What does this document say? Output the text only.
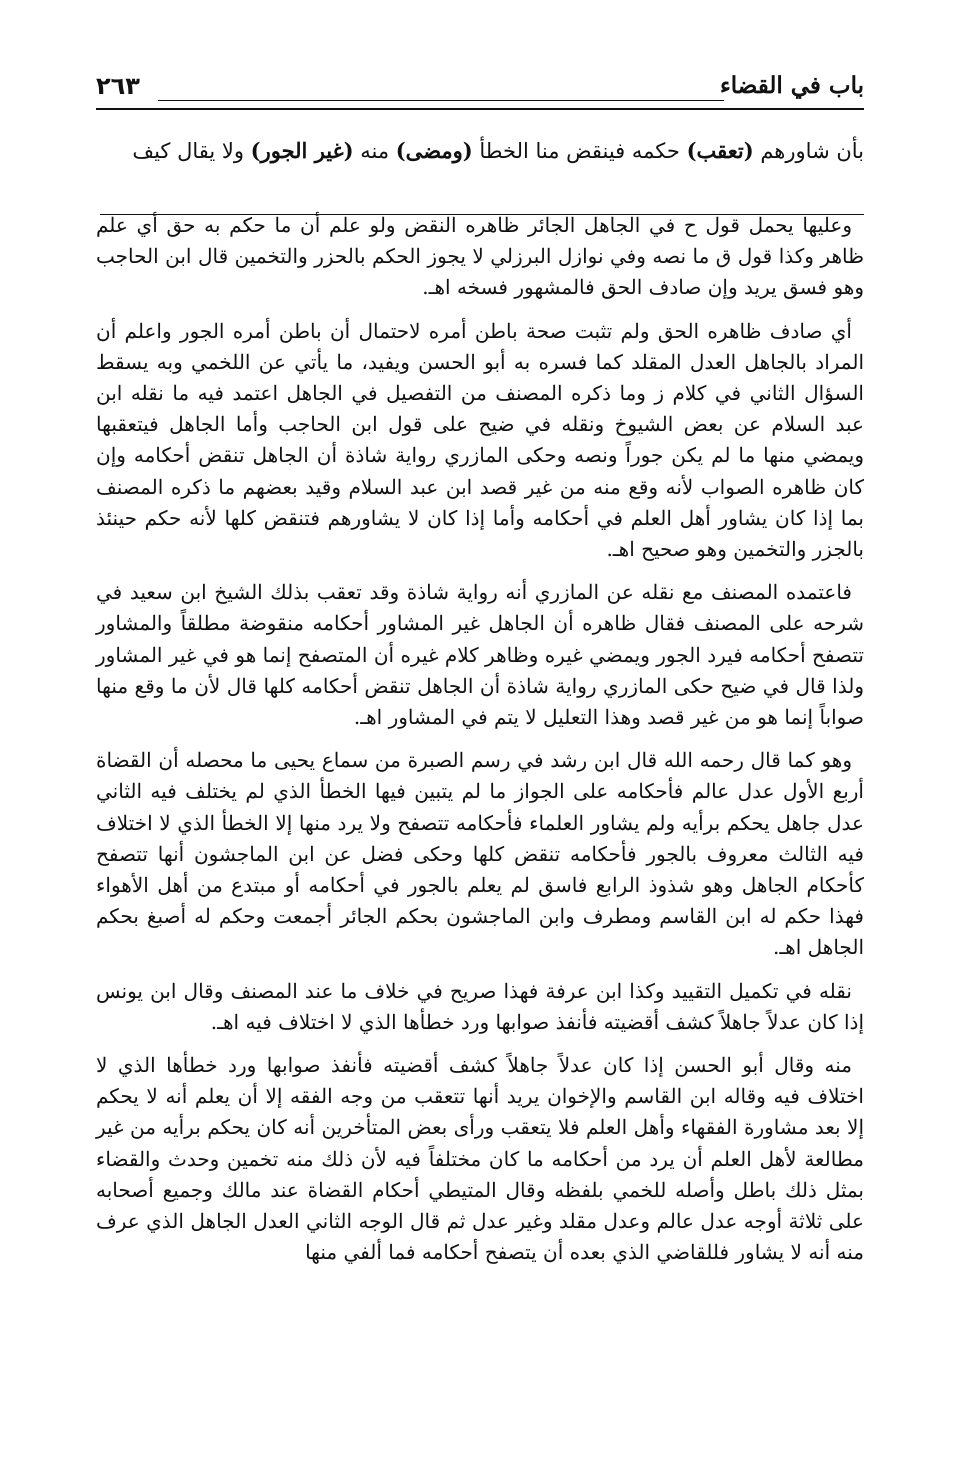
باب في القضاء
٢٦٣
بأن شاورهم (تعقب) حكمه فينقض منا الخطأ (ومضى) منه (غير الجور) ولا يقال كيف

وعليها يحمل قول ح في الجاهل الجائر ظاهره النقض ولو علم أن ما حكم به حق أي علم ظاهر وكذا قول ق ما نصه وفي نوازل البرزلي لا يجوز الحكم بالحزر والتخمين قال ابن الحاجب وهو فسق يريد وإن صادف الحق فالمشهور فسخه اهـ.

أي صادف ظاهره الحق ولم تثبت صحة باطن أمره لاحتمال أن باطن أمره الجور واعلم أن المراد بالجاهل العدل المقلد كما فسره به أبو الحسن ويفيد، ما يأتي عن اللخمي وبه يسقط السؤال الثاني في كلام ز وما ذكره المصنف من التفصيل في الجاهل اعتمد فيه ما نقله ابن عبد السلام عن بعض الشيوخ ونقله في ضيح على قول ابن الحاجب وأما الجاهل فيتعقبها ويمضي منها ما لم يكن جوراً ونصه وحكى المازري رواية شاذة أن الجاهل تنقض أحكامه وإن كان ظاهره الصواب لأنه وقع منه من غير قصد ابن عبد السلام وقيد بعضهم ما ذكره المصنف بما إذا كان يشاور أهل العلم في أحكامه وأما إذا كان لا يشاورهم فتنقض كلها لأنه حكم حينئذ بالجزر والتخمين وهو صحيح اهـ.

فاعتمده المصنف مع نقله عن المازري أنه رواية شاذة وقد تعقب بذلك الشيخ ابن سعيد في شرحه على المصنف فقال ظاهره أن الجاهل غير المشاور أحكامه منقوضة مطلقاً والمشاور تتصفح أحكامه فيرد الجور ويمضي غيره وظاهر كلام غيره أن المتصفح إنما هو في غير المشاور ولذا قال في ضيح حكى المازري رواية شاذة أن الجاهل تنقض أحكامه كلها قال لأن ما وقع منها صواباً إنما هو من غير قصد وهذا التعليل لا يتم في المشاور اهـ.

وهو كما قال رحمه الله قال ابن رشد في رسم الصبرة من سماع يحيى ما محصله أن القضاة أربع الأول عدل عالم فأحكامه على الجواز ما لم يتبين فيها الخطأ الذي لم يختلف فيه الثاني عدل جاهل يحكم برأيه ولم يشاور العلماء فأحكامه تتصفح ولا يرد منها إلا الخطأ الذي لا اختلاف فيه الثالث معروف بالجور فأحكامه تنقض كلها وحكى فضل عن ابن الماجشون أنها تتصفح كأحكام الجاهل وهو شذوذ الرابع فاسق لم يعلم بالجور في أحكامه أو مبتدع من أهل الأهواء فهذا حكم له ابن القاسم ومطرف وابن الماجشون بحكم الجائر أجمعت وحكم له أصبغ بحكم الجاهل اهـ.

نقله في تكميل التقييد وكذا ابن عرفة فهذا صريح في خلاف ما عند المصنف وقال ابن يونس إذا كان عدلاً جاهلاً كشف أقضيته فأنفذ صوابها ورد خطأها الذي لا اختلاف فيه اهـ.

منه وقال أبو الحسن إذا كان عدلاً جاهلاً كشف أقضيته فأنفذ صوابها ورد خطأها الذي لا اختلاف فيه وقاله ابن القاسم والإخوان يريد أنها تتعقب من وجه الفقه إلا أن يعلم أنه لا يحكم إلا بعد مشاورة الفقهاء وأهل العلم فلا يتعقب ورأى بعض المتأخرين أنه كان يحكم برأيه من غير مطالعة لأهل العلم أن يرد من أحكامه ما كان مختلفاً فيه لأن ذلك منه تخمين وحدث والقضاء بمثل ذلك باطل وأصله للخمي بلفظه وقال المتيطي أحكام القضاة عند مالك وجميع أصحابه على ثلاثة أوجه عدل عالم وعدل مقلد وغير عدل ثم قال الوجه الثاني العدل الجاهل الذي عرف منه أنه لا يشاور فللقاضي الذي بعده أن يتصفح أحكامه فما ألفي منها
